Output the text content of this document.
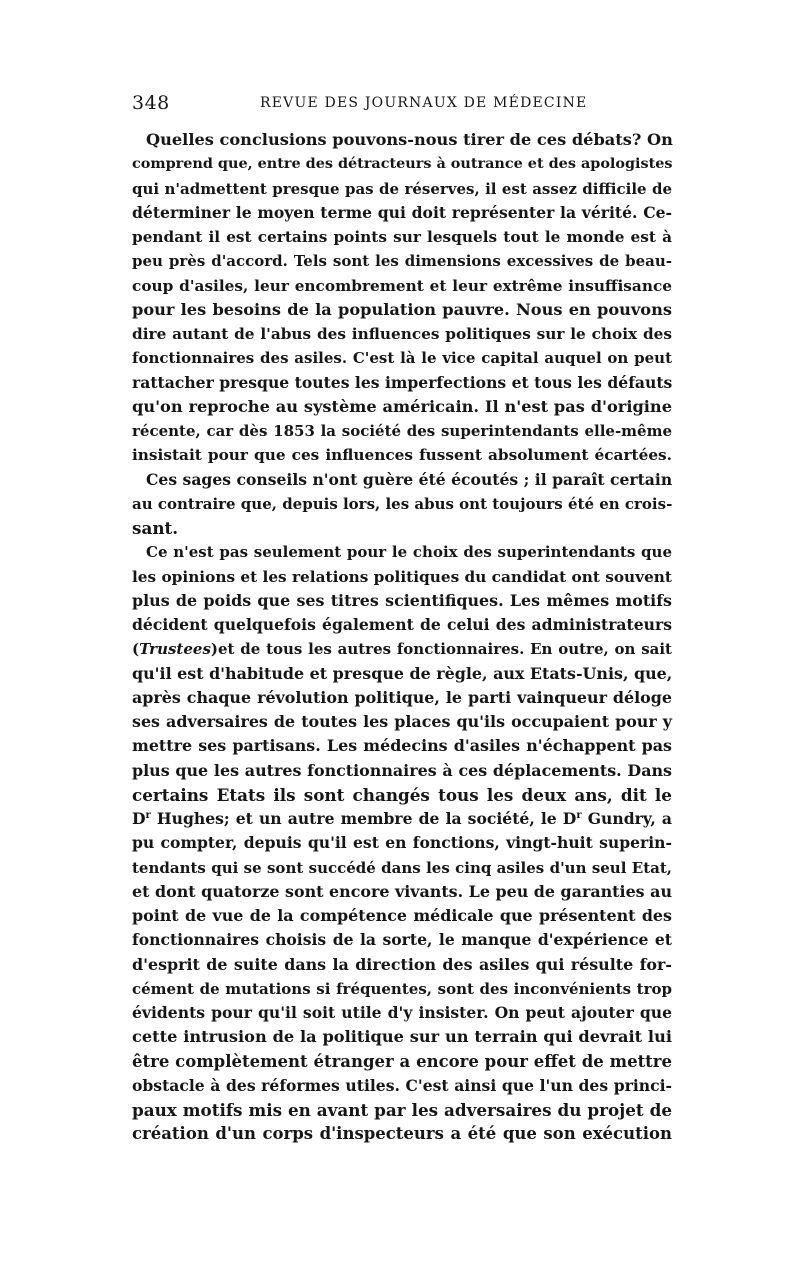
348	REVUE DES JOURNAUX DE MÉDECINE
Quelles conclusions pouvons-nous tirer de ces débats? On
comprend que, entre des détracteurs à outrance et des apologistes
qui n'admettent presque pas de réserves, il est assez difficile de
déterminer le moyen terme qui doit représenter la vérité. Ce-
pendant il est certains points sur lesquels tout le monde est à
peu près d'accord. Tels sont les dimensions excessives de beau-
coup d'asiles, leur encombrement et leur extrême insuffisance
pour les besoins de la population pauvre. Nous en pouvons
dire autant de l'abus des influences politiques sur le choix des
fonctionnaires des asiles. C'est là le vice capital auquel on peut
rattacher presque toutes les imperfections et tous les défauts
qu'on reproche au système américain. Il n'est pas d'origine
récente, car dès 1853 la société des superintendants elle-même
insistait pour que ces influences fussent absolument écartées.
Ces sages conseils n'ont guère été écoutés ; il paraît certain
au contraire que, depuis lors, les abus ont toujours été en crois-
sant.
Ce n'est pas seulement pour le choix des superintendants que
les opinions et les relations politiques du candidat ont souvent
plus de poids que ses titres scientifiques. Les mêmes motifs
décident quelquefois également de celui des administrateurs
(Trustees)et de tous les autres fonctionnaires. En outre, on sait
qu'il est d'habitude et presque de règle, aux Etats-Unis, que,
après chaque révolution politique, le parti vainqueur déloge
ses adversaires de toutes les places qu'ils occupaient pour y
mettre ses partisans. Les médecins d'asiles n'échappent pas
plus que les autres fonctionnaires à ces déplacements. Dans
certains Etats ils sont changés tous les deux ans, dit le
$D^r$ Hughes; et un autre membre de la société, le $D^r$ Gundry, a
pu compter, depuis qu'il est en fonctions, vingt-huit superin-
tendants qui se sont succédé dans les cinq asiles d'un seul Etat,
et dont quatorze sont encore vivants. Le peu de garanties au
point de vue de la compétence médicale que présentent des
fonctionnaires choisis de la sorte, le manque d'expérience et
d'esprit de suite dans la direction des asiles qui résulte for-
cément de mutations si fréquentes, sont des inconvénients trop
évidents pour qu'il soit utile d'y insister. On peut ajouter que
cette intrusion de la politique sur un terrain qui devrait lui
être complètement étranger a encore pour effet de mettre
obstacle à des réformes utiles. C'est ainsi que l'un des princi-
paux motifs mis en avant par les adversaires du projet de
création d'un corps d'inspecteurs a été que son exécution
